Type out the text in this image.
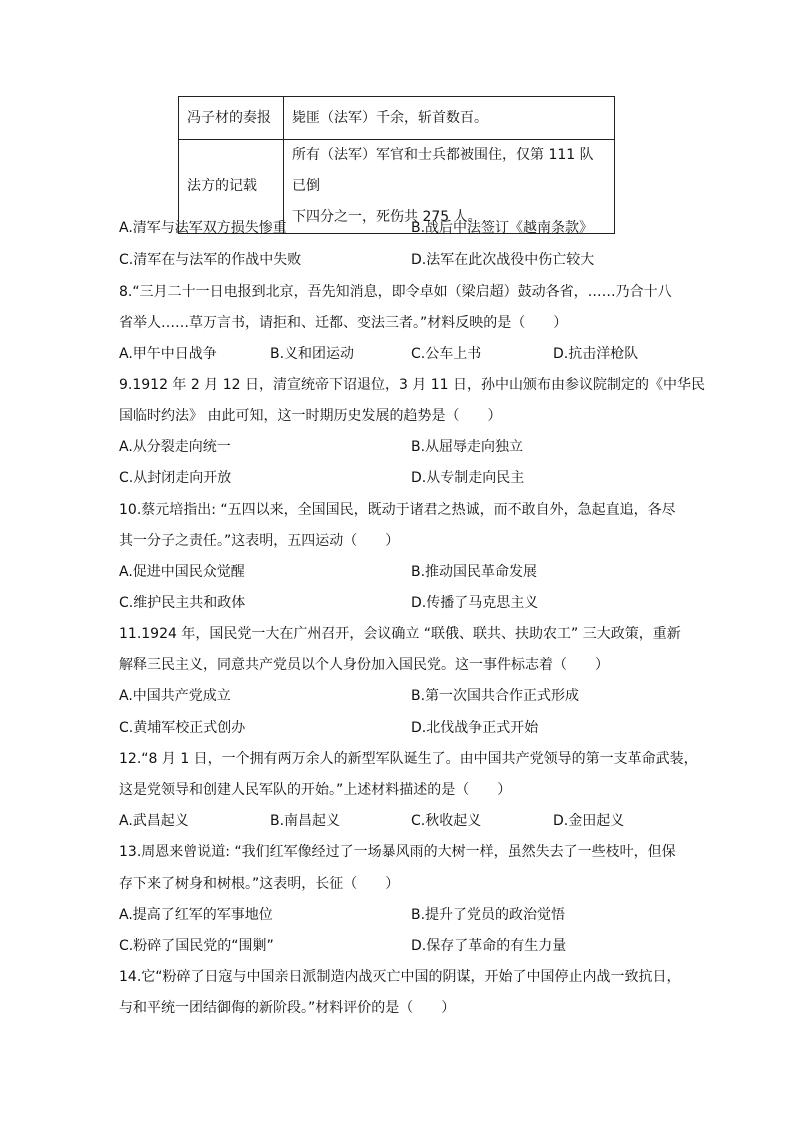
冯子材的奏报	毙匪（法军）千余，斩首数百。
法方的记载	所有（法军）军官和士兵都被围住，仅第 111 队已倒
下四分之一，死伤共 275 人。
A.清军与法军双方损失惨重	B.战后中法签订《越南条款》
C.清军在与法军的作战中失败	D.法军在此次战役中伤亡较大
8.“三月二十一日电报到北京，吾先知消息，即令卓如（梁启超）鼓动各省，……乃合十八
省举人……草万言书，请拒和、迁都、变法三者。”材料反映的是（　　）
A.甲午中日战争	B.义和团运动	C.公车上书	D.抗击洋枪队
9.1912 年 2 月 12 日，清宣统帝下诏退位，3 月 11 日，孙中山颁布由参议院制定的《中华民
国临时约法》 由此可知，这一时期历史发展的趋势是（　　）
A.从分裂走向统一	B.从屈辱走向独立
C.从封闭走向开放	D.从专制走向民主
10.蔡元培指出: “五四以来，全国国民，既动于诸君之热诚，而不敢自外，急起直追，各尽
其一分子之责任。”这表明，五四运动（　　）
A.促进中国民众觉醒	B.推动国民革命发展
C.维护民主共和政体	D.传播了马克思主义
11.1924 年，国民党一大在广州召开，会议确立 “联俄、联共、扶助农工” 三大政策，重新
解释三民主义，同意共产党员以个人身份加入国民党。这一事件标志着（　　）
A.中国共产党成立	B.第一次国共合作正式形成
C.黄埔军校正式创办	D.北伐战争正式开始
12.“8 月 1 日，一个拥有两万余人的新型军队诞生了。由中国共产党领导的第一支革命武装，
这是党领导和创建人民军队的开始。”上述材料描述的是（　　）
A.武昌起义	B.南昌起义	C.秋收起义	D.金田起义
13.周恩来曾说道: “我们红军像经过了一场暴风雨的大树一样，虽然失去了一些枝叶，但保
存下来了树身和树根。”这表明，长征（　　）
A.提高了红军的军事地位	B.提升了党员的政治觉悟
C.粉碎了国民党的“围剿”	D.保存了革命的有生力量
14.它“粉碎了日寇与中国亲日派制造内战灭亡中国的阴谋，开始了中国停止内战一致抗日，
与和平统一团结御侮的新阶段。”材料评价的是（　　）
